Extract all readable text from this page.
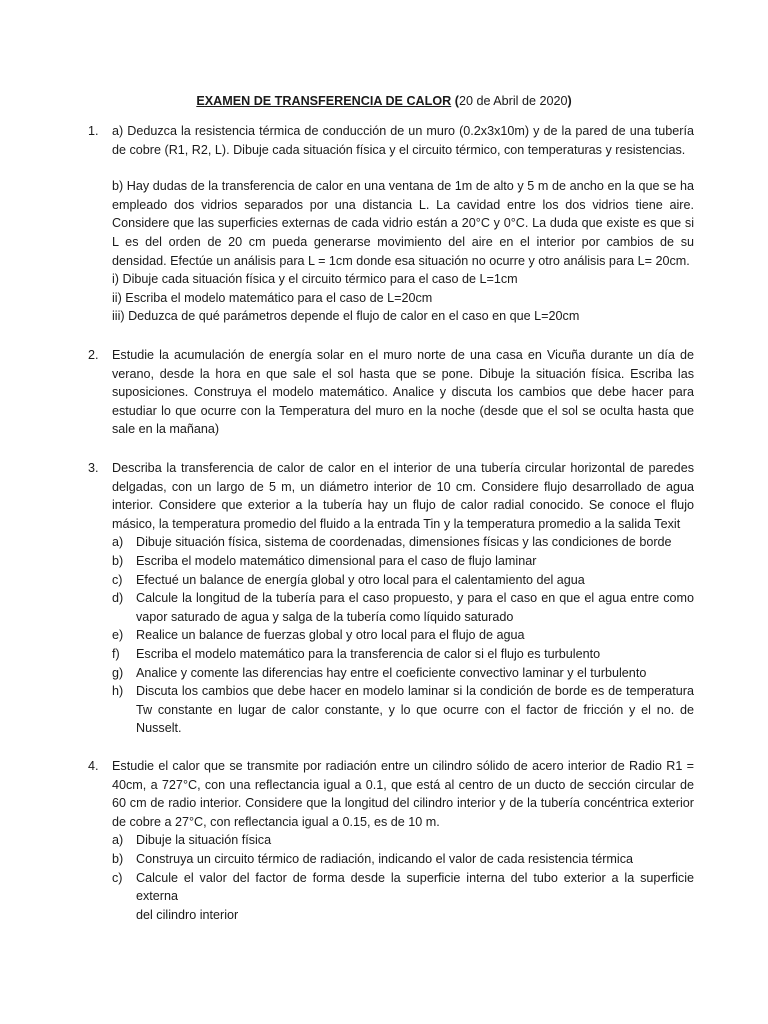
EXAMEN DE TRANSFERENCIA DE CALOR (20 de Abril de 2020)
1. a) Deduzca la resistencia térmica de conducción de un muro (0.2x3x10m) y de la pared de una tubería de cobre (R1, R2, L). Dibuje cada situación física y el circuito térmico, con temperaturas y resistencias.

b) Hay dudas de la transferencia de calor en una ventana de 1m de alto y 5 m de ancho en la que se ha empleado dos vidrios separados por una distancia L. La cavidad entre los dos vidrios tiene aire. Considere que las superficies externas de cada vidrio están a 20°C y 0°C. La duda que existe es que si L es del orden de 20 cm pueda generarse movimiento del aire en el interior por cambios de su densidad. Efectúe un análisis para L = 1cm donde esa situación no ocurre y otro análisis para L= 20cm.

i) Dibuje cada situación física y el circuito térmico para el caso de L=1cm

ii) Escriba el modelo matemático para el caso de L=20cm

iii) Deduzca de qué parámetros depende el flujo de calor en el caso en que L=20cm

2. Estudie la acumulación de energía solar en el muro norte de una casa en Vicuña durante un día de verano, desde la hora en que sale el sol hasta que se pone. Dibuje la situación física. Escriba las suposiciones. Construya el modelo matemático. Analice y discuta los cambios que debe hacer para estudiar lo que ocurre con la Temperatura del muro en la noche (desde que el sol se oculta hasta que sale en la mañana)

3. Describa la transferencia de calor de calor en el interior de una tubería circular horizontal de paredes delgadas, con un largo de 5 m, un diámetro interior de 10 cm. Considere flujo desarrollado de agua interior. Considere que exterior a la tubería hay un flujo de calor radial conocido. Se conoce el flujo másico, la temperatura promedio del fluido a la entrada Tin y la temperatura promedio a la salida Texit

a) Dibuje situación física, sistema de coordenadas, dimensiones físicas y las condiciones de borde
b) Escriba el modelo matemático dimensional para el caso de flujo laminar
c) Efectué un balance de energía global y otro local para el calentamiento del agua
d) Calcule la longitud de la tubería para el caso propuesto, y para el caso en que el agua entre como vapor saturado de agua y salga de la tubería como líquido saturado
e) Realice un balance de fuerzas global y otro local para el flujo de agua
f) Escriba el modelo matemático para la transferencia de calor si el flujo es turbulento
g) Analice y comente las diferencias hay entre el coeficiente convectivo laminar y el turbulento
h) Discuta los cambios que debe hacer en modelo laminar si la condición de borde es de temperatura Tw constante en lugar de calor constante, y lo que ocurre con el factor de fricción y el no. de Nusselt.
4. Estudie el calor que se transmite por radiación entre un cilindro sólido de acero interior de Radio R1 = 40cm, a 727°C, con una reflectancia igual a 0.1, que está al centro de un ducto de sección circular de 60 cm de radio interior. Considere que la longitud del cilindro interior y de la tubería concéntrica exterior de cobre a 27°C, con reflectancia igual a 0.15, es de 10 m.

a) Dibuje la situación física
b) Construya un circuito térmico de radiación, indicando el valor de cada resistencia térmica
c) Calcule el valor del factor de forma desde la superficie interna del tubo exterior a la superficie externa

del cilindro interior
